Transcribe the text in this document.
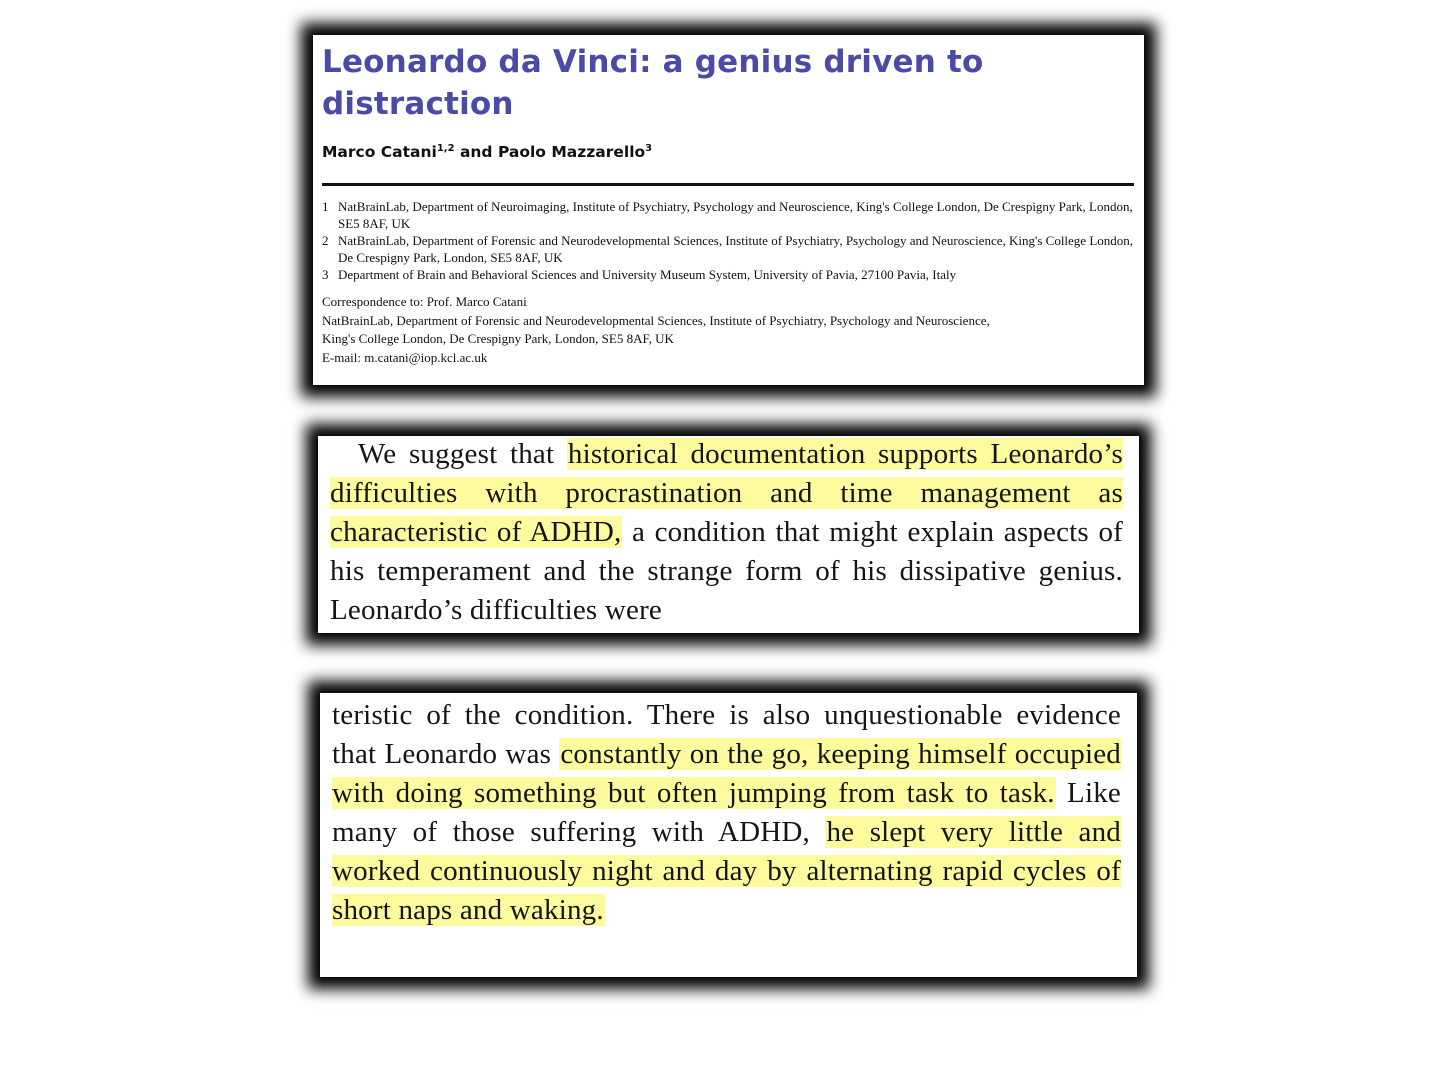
Leonardo da Vinci: a genius driven to distraction
Marco Catani$^{1,2}$ and Paolo Mazzarello$^3$
1 NatBrainLab, Department of Neuroimaging, Institute of Psychiatry, Psychology and Neuroscience, King's College London, De Crespigny Park, London, SE5 8AF, UK
2 NatBrainLab, Department of Forensic and Neurodevelopmental Sciences, Institute of Psychiatry, Psychology and Neuroscience, King's College London, De Crespigny Park, London, SE5 8AF, UK
3 Department of Brain and Behavioral Sciences and University Museum System, University of Pavia, 27100 Pavia, Italy
Correspondence to: Prof. Marco Catani
NatBrainLab, Department of Forensic and Neurodevelopmental Sciences, Institute of Psychiatry, Psychology and Neuroscience,
King's College London, De Crespigny Park, London, SE5 8AF, UK
E-mail: m.catani@iop.kcl.ac.uk

We suggest that historical documentation supports Leonardo’s difficulties with procrastination and time management as characteristic of ADHD, a condition that might explain aspects of his temperament and the strange form of his dissipative genius. Leonardo’s difficulties were

teristic of the condition. There is also unquestionable evidence that Leonardo was constantly on the go, keeping himself occupied with doing something but often jumping from task to task. Like many of those suffering with ADHD, he slept very little and worked continuously night and day by alternating rapid cycles of short naps and waking.
